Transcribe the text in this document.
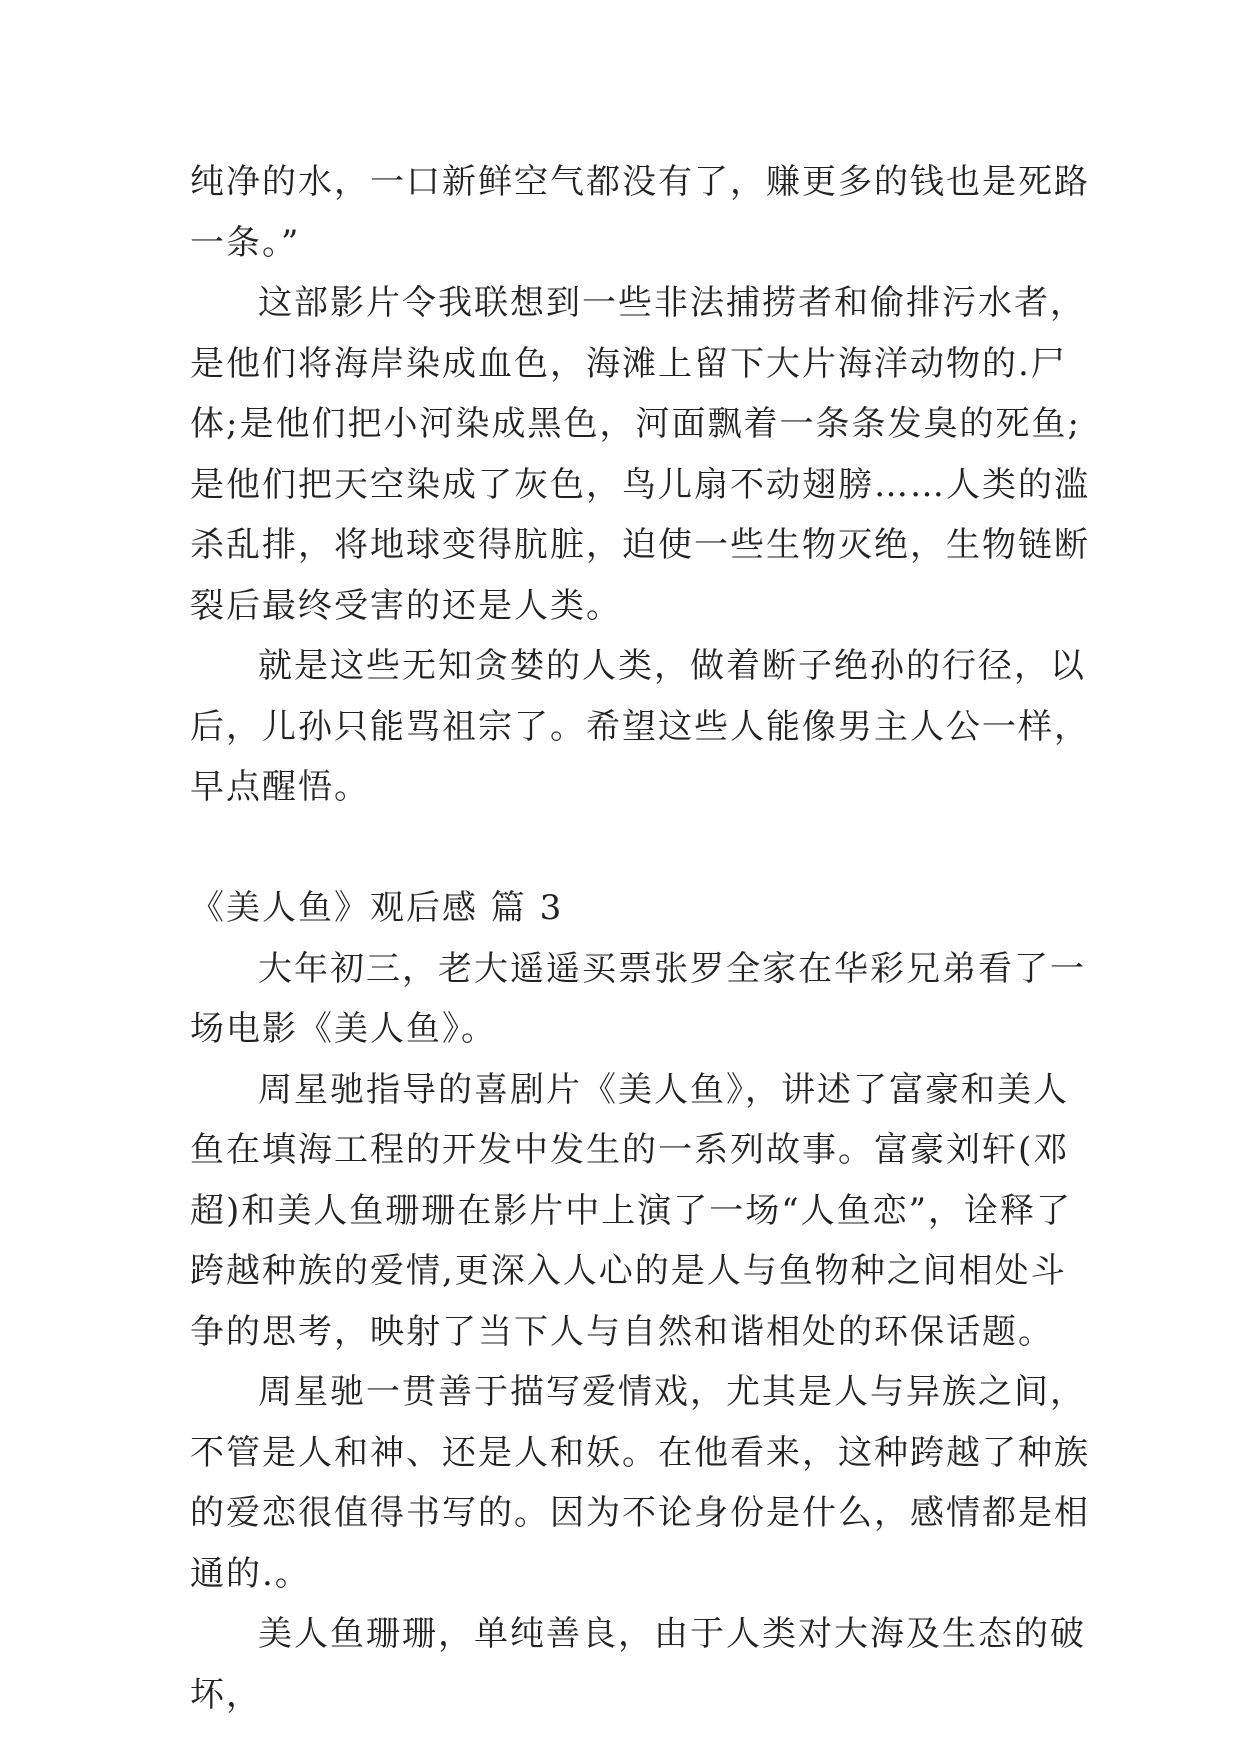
纯净的水，一口新鲜空气都没有了，赚更多的钱也是死路一条。”

这部影片令我联想到一些非法捕捞者和偷排污水者，是他们将海岸染成血色，海滩上留下大片海洋动物的.尸体;是他们把小河染成黑色，河面飘着一条条发臭的死鱼;是他们把天空染成了灰色，鸟儿扇不动翅膀……人类的滥杀乱排，将地球变得肮脏，迫使一些生物灭绝，生物链断裂后最终受害的还是人类。

就是这些无知贪婪的人类，做着断子绝孙的行径，以后，儿孙只能骂祖宗了。希望这些人能像男主人公一样，早点醒悟。

《美人鱼》观后感 篇 3

大年初三，老大遥遥买票张罗全家在华彩兄弟看了一场电影《美人鱼》。

周星驰指导的喜剧片《美人鱼》，讲述了富豪和美人鱼在填海工程的开发中发生的一系列故事。富豪刘轩(邓超)和美人鱼珊珊在影片中上演了一场“人鱼恋”，诠释了跨越种族的爱情,更深入人心的是人与鱼物种之间相处斗争的思考，映射了当下人与自然和谐相处的环保话题。

周星驰一贯善于描写爱情戏，尤其是人与异族之间，不管是人和神、还是人和妖。在他看来，这种跨越了种族的爱恋很值得书写的。因为不论身份是什么，感情都是相通的.。

美人鱼珊珊，单纯善良，由于人类对大海及生态的破坏，
